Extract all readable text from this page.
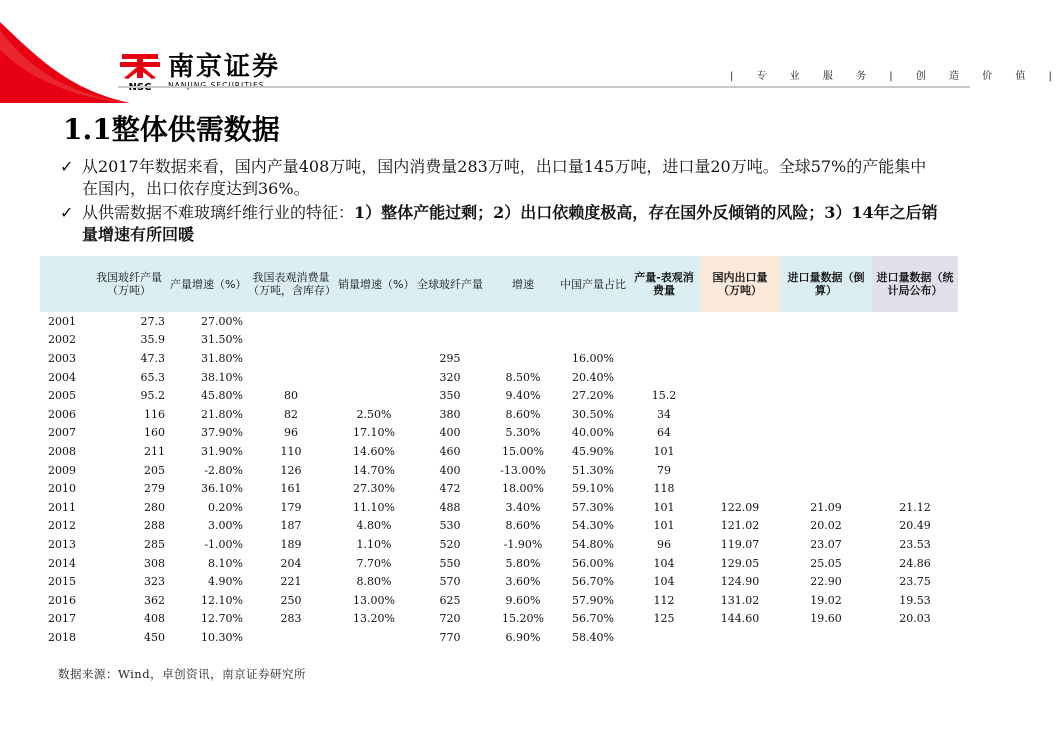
南京证券	| 专 业 服 务 | 创 造 价 值 |
1.1整体供需数据
✓ 从2017年数据来看，国内产量408万吨，国内消费量283万吨，出口量145万吨，进口量20万吨。全球57%的产能集中在国内，出口依存度达到36%。
✓ 从供需数据不难玻璃纤维行业的特征：1）整体产能过剩；2）出口依赖度极高，存在国外反倾销的风险；3）14年之后销量增速有所回暖
	我国玻纤产量（万吨）	产量增速（%）	我国表观消费量（万吨，含库存）	销量增速（%）	全球玻纤产量	增速	中国产量占比	产量-表观消费量	国内出口量（万吨）	进口量数据（倒算）	进口量数据（统计局公布）
2001	27.3	27.00%									
2002	35.9	31.50%									
2003	47.3	31.80%			295		16.00%				
2004	65.3	38.10%			320	8.50%	20.40%				
2005	95.2	45.80%	80		350	9.40%	27.20%	15.2			
2006	116	21.80%	82	2.50%	380	8.60%	30.50%	34			
2007	160	37.90%	96	17.10%	400	5.30%	40.00%	64			
2008	211	31.90%	110	14.60%	460	15.00%	45.90%	101			
2009	205	-2.80%	126	14.70%	400	-13.00%	51.30%	79			
2010	279	36.10%	161	27.30%	472	18.00%	59.10%	118			
2011	280	0.20%	179	11.10%	488	3.40%	57.30%	101	122.09	21.09	21.12
2012	288	3.00%	187	4.80%	530	8.60%	54.30%	101	121.02	20.02	20.49
2013	285	-1.00%	189	1.10%	520	-1.90%	54.80%	96	119.07	23.07	23.53
2014	308	8.10%	204	7.70%	550	5.80%	56.00%	104	129.05	25.05	24.86
2015	323	4.90%	221	8.80%	570	3.60%	56.70%	104	124.90	22.90	23.75
2016	362	12.10%	250	13.00%	625	9.60%	57.90%	112	131.02	19.02	19.53
2017	408	12.70%	283	13.20%	720	15.20%	56.70%	125	144.60	19.60	20.03
2018	450	10.30%			770	6.90%	58.40%				
数据来源：Wind，卓创资讯，南京证券研究所
